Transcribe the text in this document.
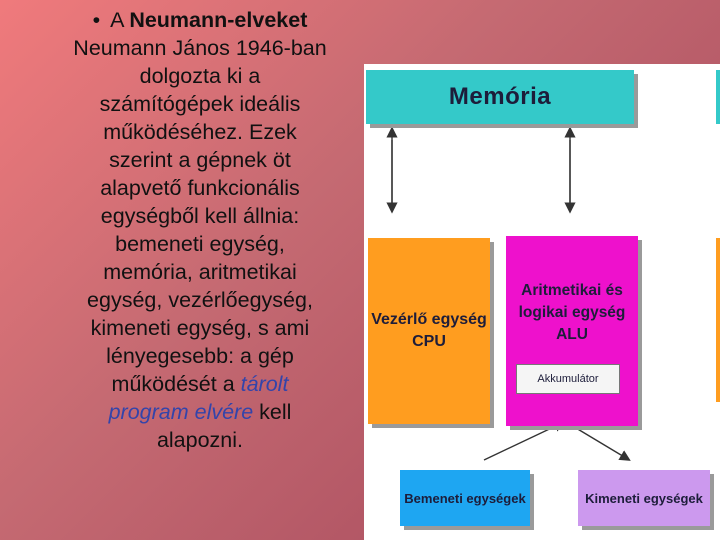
• A Neumann-elveket
Neumann János 1946-ban
dolgozta ki a
számítógépek ideális
működéséhez. Ezek
szerint a gépnek öt
alapvető funkcionális
egységből kell állnia:
bemeneti egység,
memória, aritmetikai
egység, vezérlőegység,
kimeneti egység, s ami
lényegesebb: a gép
működését a tárolt
program elvére kell
alapozni.
Memória
Vezérlő egység
CPU
Aritmetikai és
logikai egység
ALU
Akkumulátor
Bemeneti egységek	Kimeneti egységek
